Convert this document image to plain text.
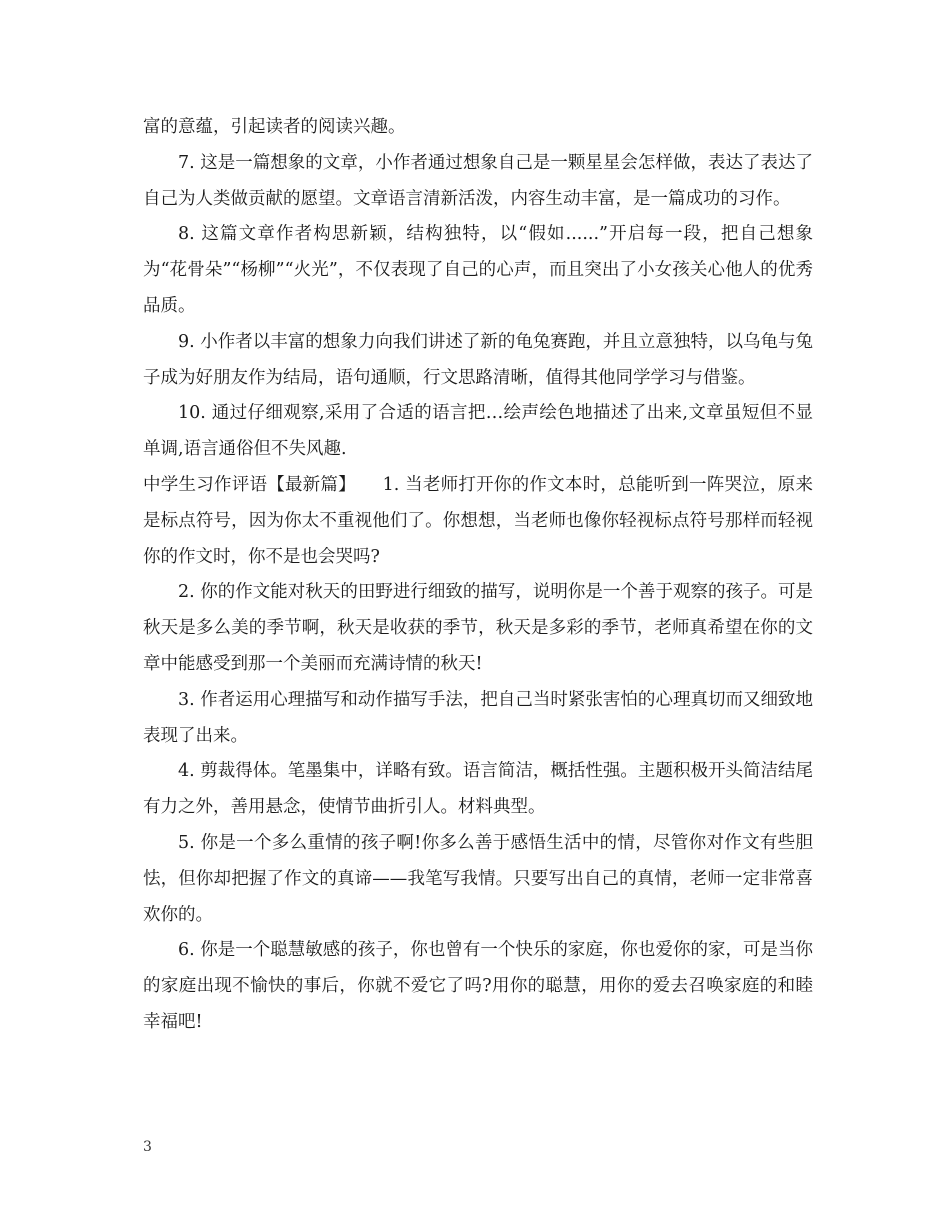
富的意蕴，引起读者的阅读兴趣。

7. 这是一篇想象的文章，小作者通过想象自己是一颗星星会怎样做，表达了表达了自己为人类做贡献的愿望。文章语言清新活泼，内容生动丰富，是一篇成功的习作。

8. 这篇文章作者构思新颖，结构独特，以“假如......”开启每一段，把自己想象为“花骨朵”“杨柳”“火光”，不仅表现了自己的心声，而且突出了小女孩关心他人的优秀品质。

9. 小作者以丰富的想象力向我们讲述了新的龟兔赛跑，并且立意独特，以乌龟与兔子成为好朋友作为结局，语句通顺，行文思路清晰，值得其他同学学习与借鉴。

10. 通过仔细观察,采用了合适的语言把…绘声绘色地描述了出来,文章虽短但不显单调,语言通俗但不失风趣.

中学生习作评语【最新篇】　　1. 当老师打开你的作文本时，总能听到一阵哭泣，原来是标点符号，因为你太不重视他们了。你想想，当老师也像你轻视标点符号那样而轻视你的作文时，你不是也会哭吗?

2. 你的作文能对秋天的田野进行细致的描写，说明你是一个善于观察的孩子。可是秋天是多么美的季节啊，秋天是收获的季节，秋天是多彩的季节，老师真希望在你的文章中能感受到那一个美丽而充满诗情的秋天!

3. 作者运用心理描写和动作描写手法，把自己当时紧张害怕的心理真切而又细致地表现了出来。

4. 剪裁得体。笔墨集中，详略有致。语言简洁，概括性强。主题积极开头简洁结尾有力之外，善用悬念，使情节曲折引人。材料典型。

5. 你是一个多么重情的孩子啊!你多么善于感悟生活中的情，尽管你对作文有些胆怯，但你却把握了作文的真谛——我笔写我情。只要写出自己的真情，老师一定非常喜欢你的。

6. 你是一个聪慧敏感的孩子，你也曾有一个快乐的家庭，你也爱你的家，可是当你的家庭出现不愉快的事后，你就不爱它了吗?用你的聪慧，用你的爱去召唤家庭的和睦幸福吧!

3
